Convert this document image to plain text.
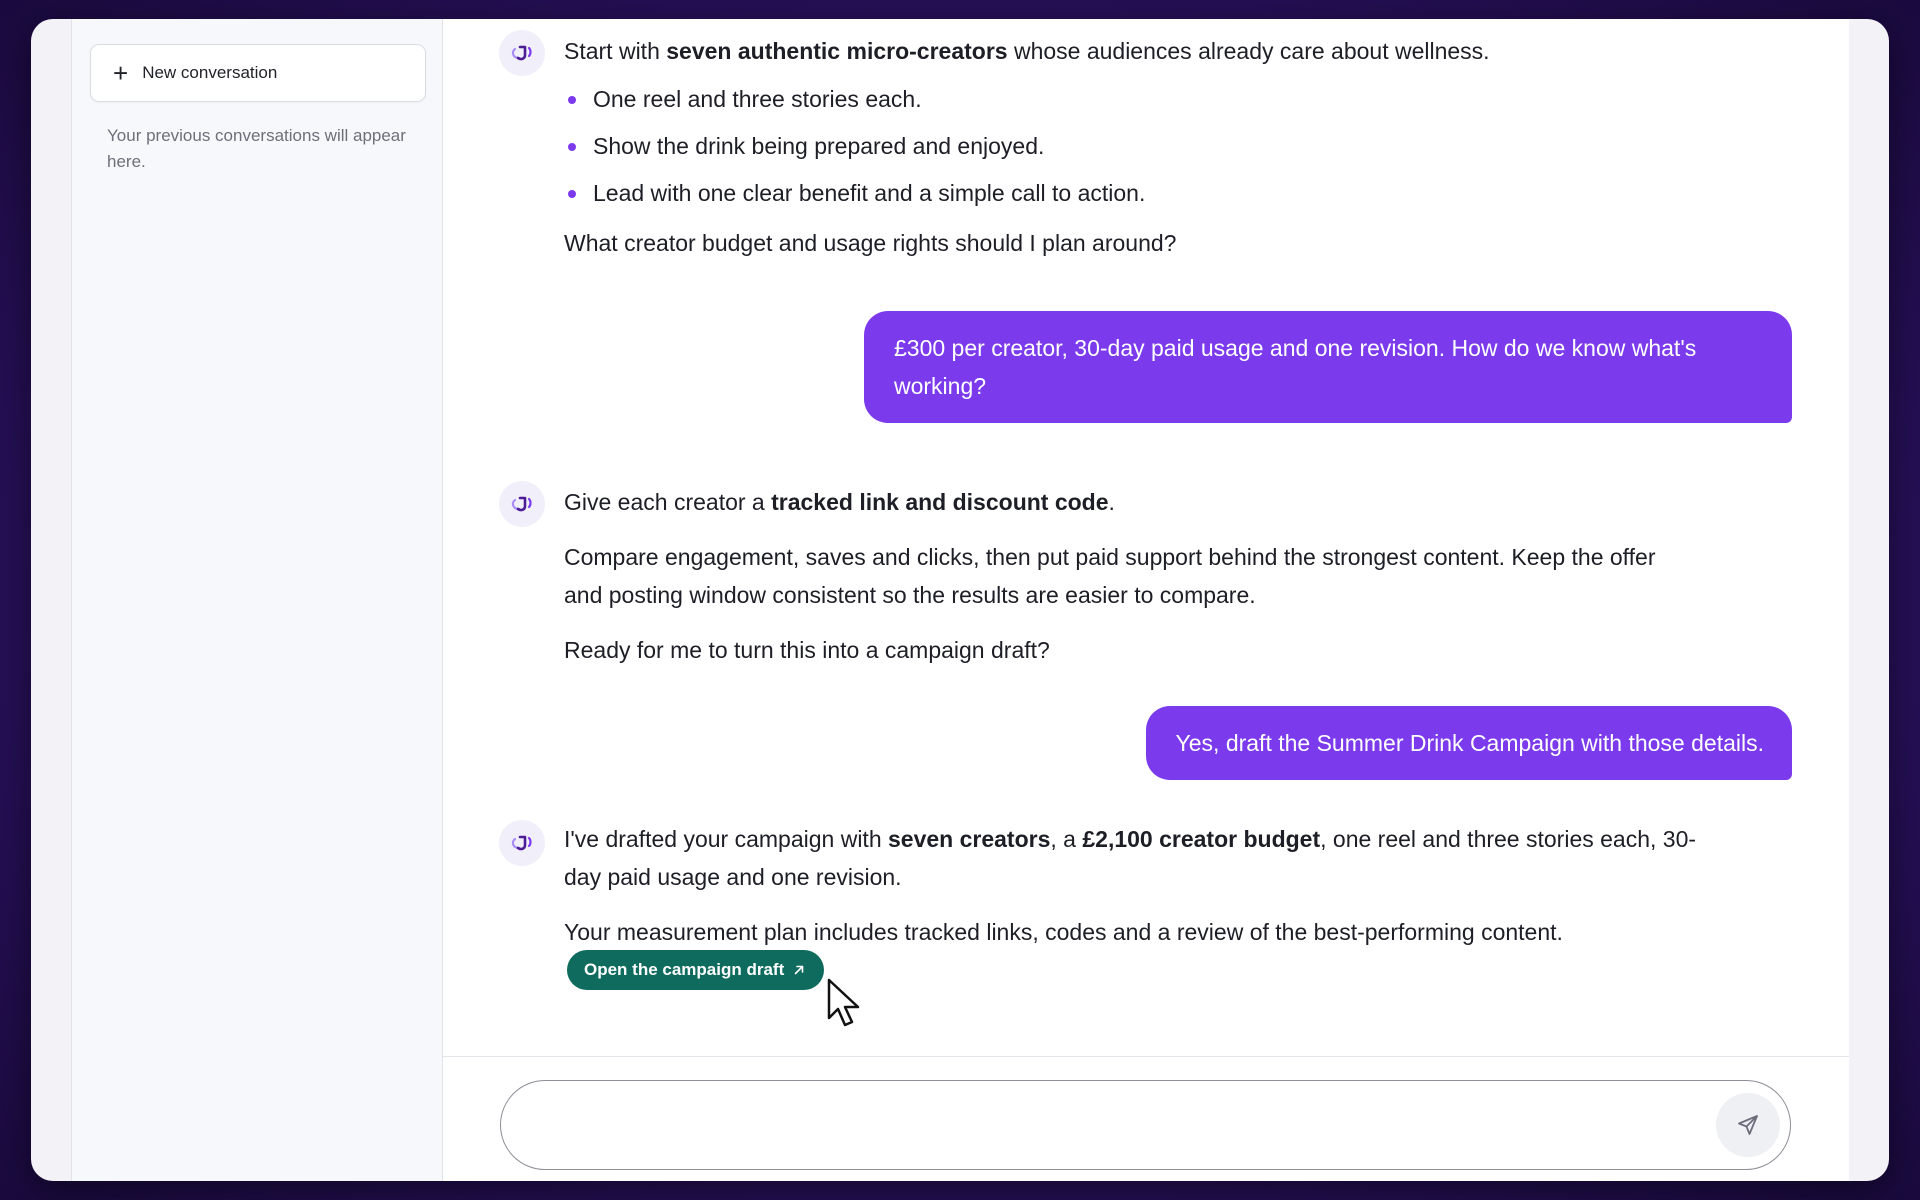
+ New conversation
Your previous conversations will appear here.
Start with seven authentic micro-creators whose audiences already care about wellness.
One reel and three stories each.
Show the drink being prepared and enjoyed.
Lead with one clear benefit and a simple call to action.
What creator budget and usage rights should I plan around?
£300 per creator, 30-day paid usage and one revision. How do we know what's working?
Give each creator a tracked link and discount code.
Compare engagement, saves and clicks, then put paid support behind the strongest content. Keep the offer and posting window consistent so the results are easier to compare.
Ready for me to turn this into a campaign draft?
Yes, draft the Summer Drink Campaign with those details.
I've drafted your campaign with seven creators, a £2,100 creator budget, one reel and three stories each, 30-day paid usage and one revision.
Your measurement plan includes tracked links, codes and a review of the best-performing content.
Open the campaign draft
